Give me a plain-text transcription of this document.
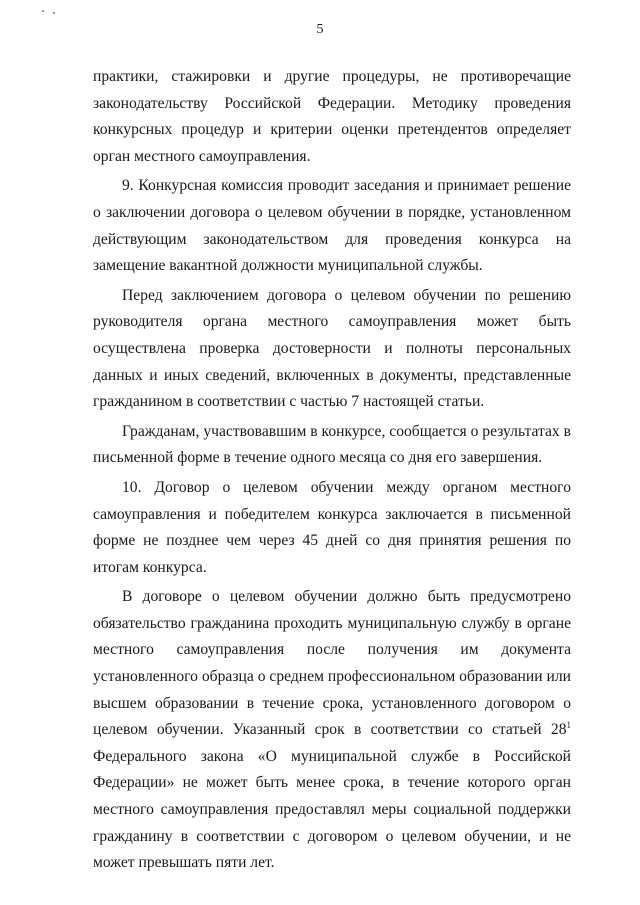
5

практики, стажировки и другие процедуры, не противоречащие законодательству Российской Федерации. Методику проведения конкурсных процедур и критерии оценки претендентов определяет орган местного самоуправления.

9. Конкурсная комиссия проводит заседания и принимает решение о заключении договора о целевом обучении в порядке, установленном действующим законодательством для проведения конкурса на замещение вакантной должности муниципальной службы.

Перед заключением договора о целевом обучении по решению руководителя органа местного самоуправления может быть осуществлена проверка достоверности и полноты персональных данных и иных сведений, включенных в документы, представленные гражданином в соответствии с частью 7 настоящей статьи.

Гражданам, участвовавшим в конкурсе, сообщается о результатах в письменной форме в течение одного месяца со дня его завершения.

10. Договор о целевом обучении между органом местного самоуправления и победителем конкурса заключается в письменной форме не позднее чем через 45 дней со дня принятия решения по итогам конкурса.

В договоре о целевом обучении должно быть предусмотрено обязательство гражданина проходить муниципальную службу в органе местного самоуправления после получения им документа установленного образца о среднем профессиональном образовании или высшем образовании в течение срока, установленного договором о целевом обучении. Указанный срок в соответствии со статьей $28^1$ Федерального закона «О муниципальной службе в Российской Федерации» не может быть менее срока, в течение которого орган местного самоуправления предоставлял меры социальной поддержки гражданину в соответствии с договором о целевом обучении, и не может превышать пяти лет.
